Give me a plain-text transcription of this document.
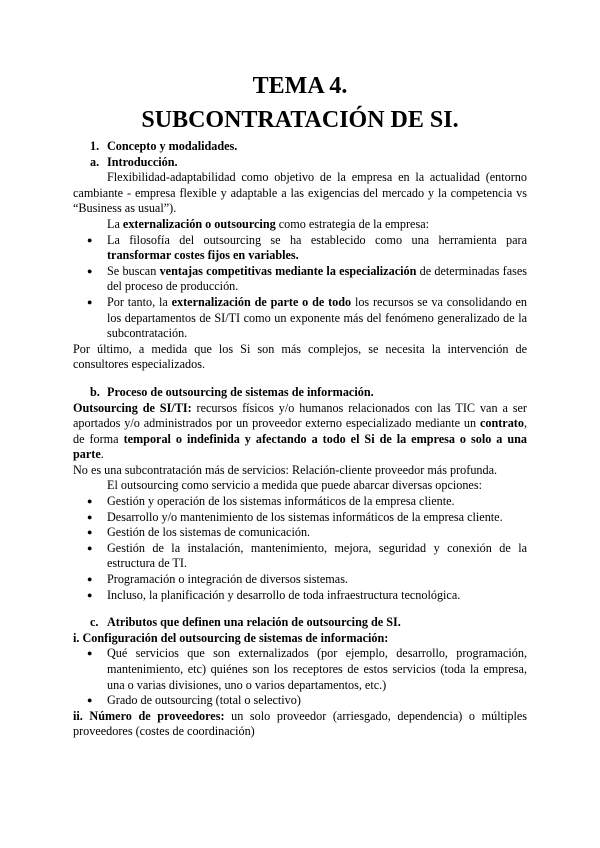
TEMA 4.
SUBCONTRATACIÓN DE SI.

1. Concepto y modalidades.

a. Introducción.

Flexibilidad-adaptabilidad como objetivo de la empresa en la actualidad (entorno cambiante - empresa flexible y adaptable a las exigencias del mercado y la competencia vs “Business as usual”).

La externalización o outsourcing como estrategia de la empresa:

● La filosofía del outsourcing se ha establecido como una herramienta para transformar costes fijos en variables.
● Se buscan ventajas competitivas mediante la especialización de determinadas fases del proceso de producción.
● Por tanto, la externalización de parte o de todo los recursos se va consolidando en los departamentos de SI/TI como un exponente más del fenómeno generalizado de la subcontratación.

Por último, a medida que los Si son más complejos, se necesita la intervención de consultores especializados.

b. Proceso de outsourcing de sistemas de información.

Outsourcing de SI/TI: recursos físicos y/o humanos relacionados con las TIC van a ser aportados y/o administrados por un proveedor externo especializado mediante un contrato, de forma temporal o indefinida y afectando a todo el Si de la empresa o solo a una parte.

No es una subcontratación más de servicios: Relación-cliente proveedor más profunda.

El outsourcing como servicio a medida que puede abarcar diversas opciones:

● Gestión y operación de los sistemas informáticos de la empresa cliente.
● Desarrollo y/o mantenimiento de los sistemas informáticos de la empresa cliente.
● Gestión de los sistemas de comunicación.
● Gestión de la instalación, mantenimiento, mejora, seguridad y conexión de la estructura de TI.
● Programación o integración de diversos sistemas.
● Incluso, la planificación y desarrollo de toda infraestructura tecnológica.

c. Atributos que definen una relación de outsourcing de SI.

i. Configuración del outsourcing de sistemas de información:

● Qué servicios que son externalizados (por ejemplo, desarrollo, programación, mantenimiento, etc) quiénes son los receptores de estos servicios (toda la empresa, una o varias divisiones, uno o varios departamentos, etc.)
● Grado de outsourcing (total o selectivo)

ii. Número de proveedores: un solo proveedor (arriesgado, dependencia) o múltiples proveedores (costes de coordinación)
